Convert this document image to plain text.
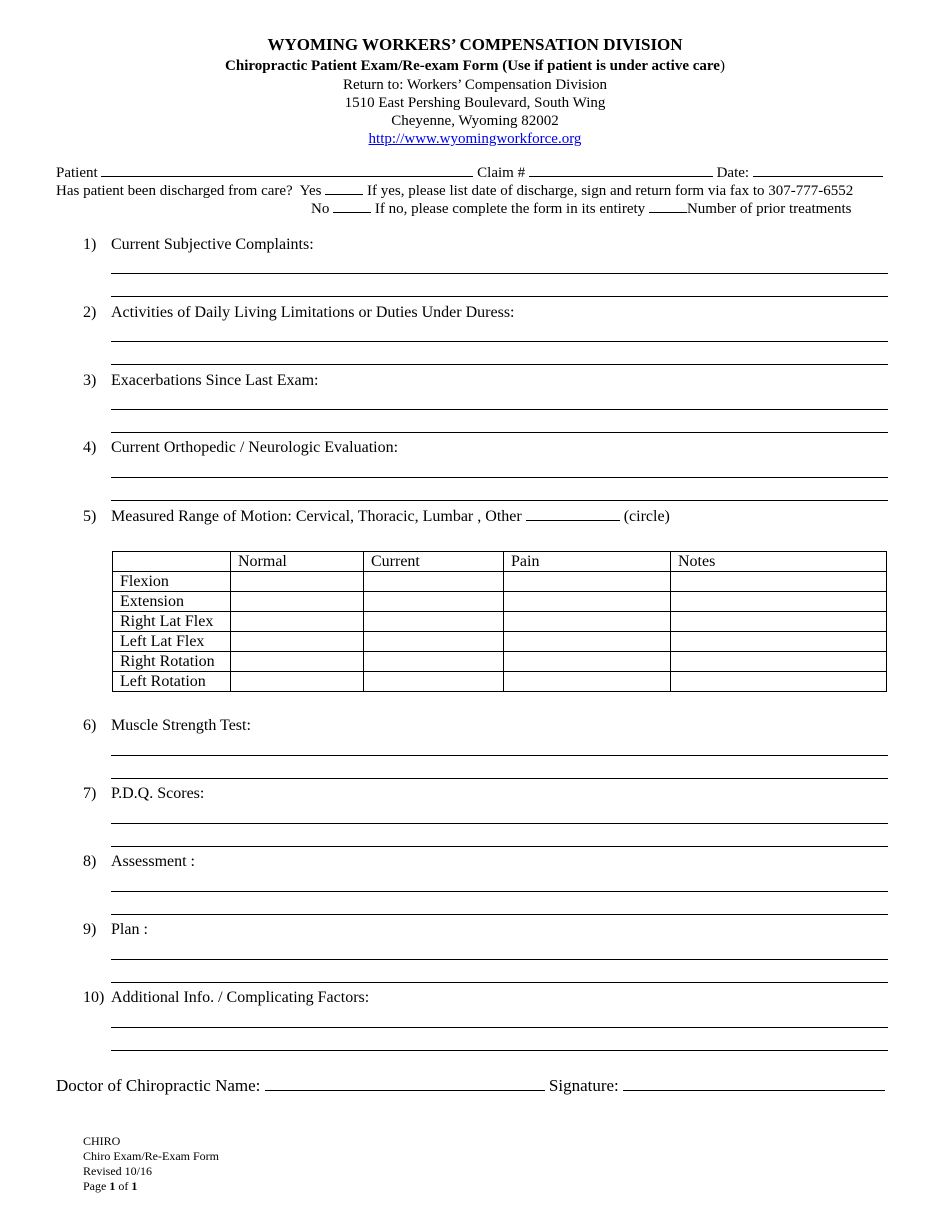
WYOMING WORKERS’ COMPENSATION DIVISION
Chiropractic Patient Exam/Re-exam Form (Use if patient is under active care)
Return to: Workers’ Compensation Division
1510 East Pershing Boulevard, South Wing
Cheyenne, Wyoming 82002
http://www.wyomingworkforce.org
Patient	Claim #	Date:
Has patient been discharged from care? Yes	If yes, please list date of discharge, sign and return form via fax to 307-777-6552
No	If no, please complete the form in its entirety	Number of prior treatments
1) Current Subjective Complaints:
2) Activities of Daily Living Limitations or Duties Under Duress:
3) Exacerbations Since Last Exam:
4) Current Orthopedic / Neurologic Evaluation:
5) Measured Range of Motion: Cervical, Thoracic, Lumbar , Other	(circle)
	Normal	Current	Pain	Notes
Flexion				
Extension				
Right Lat Flex				
Left Lat Flex				
Right Rotation				
Left Rotation				
6) Muscle Strength Test:
7) P.D.Q. Scores:
8) Assessment :
9) Plan :
10) Additional Info. / Complicating Factors:
Doctor of Chiropractic Name:	Signature:
CHIRO
Chiro Exam/Re-Exam Form
Revised 10/16
Page 1 of 1
